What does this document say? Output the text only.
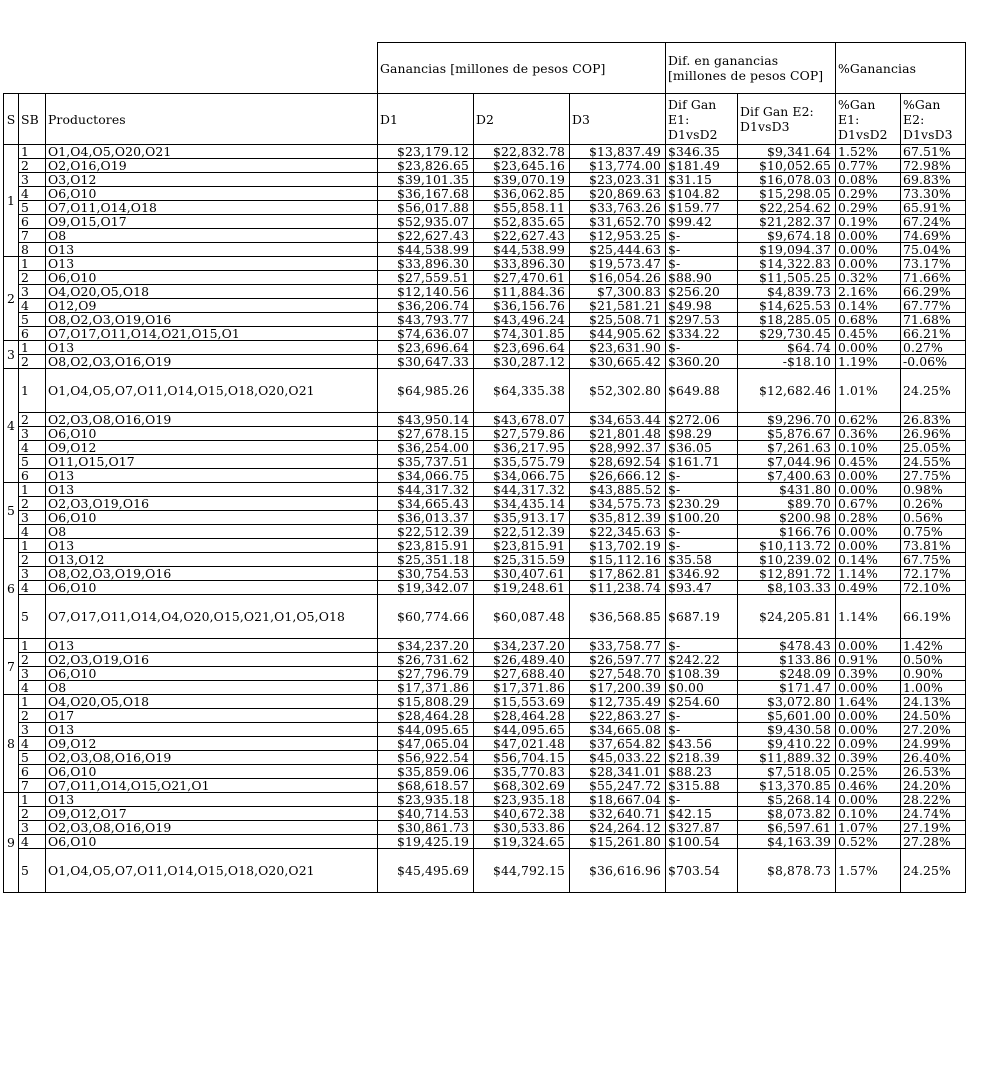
			Ganancias [millones de pesos COP]			Dif. en ganancias [millones de pesos COP]		%Ganancias	
S	SB	Productores	D1	D2	D3	Dif Gan E1: D1vsD2	Dif Gan E2: D1vsD3	%Gan E1: D1vsD2	%Gan E2: D1vsD3
1	1	O1,O4,O5,O20,O21	$23,179.12	$22,832.78	$13,837.49	$346.35	$9,341.64	1.52%	67.51%
	2	O2,O16,O19	$23,826.65	$23,645.16	$13,774.00	$181.49	$10,052.65	0.77%	72.98%
	3	O3,O12	$39,101.35	$39,070.19	$23,023.31	$31.15	$16,078.03	0.08%	69.83%
	4	O6,O10	$36,167.68	$36,062.85	$20,869.63	$104.82	$15,298.05	0.29%	73.30%
	5	O7,O11,O14,O18	$56,017.88	$55,858.11	$33,763.26	$159.77	$22,254.62	0.29%	65.91%
	6	O9,O15,O17	$52,935.07	$52,835.65	$31,652.70	$99.42	$21,282.37	0.19%	67.24%
	7	O8	$22,627.43	$22,627.43	$12,953.25	$-	$9,674.18	0.00%	74.69%
	8	O13	$44,538.99	$44,538.99	$25,444.63	$-	$19,094.37	0.00%	75.04%
2	1	O13	$33,896.30	$33,896.30	$19,573.47	$-	$14,322.83	0.00%	73.17%
	2	O6,O10	$27,559.51	$27,470.61	$16,054.26	$88.90	$11,505.25	0.32%	71.66%
	3	O4,O20,O5,O18	$12,140.56	$11,884.36	$7,300.83	$256.20	$4,839.73	2.16%	66.29%
	4	O12,O9	$36,206.74	$36,156.76	$21,581.21	$49.98	$14,625.53	0.14%	67.77%
	5	O8,O2,O3,O19,O16	$43,793.77	$43,496.24	$25,508.71	$297.53	$18,285.05	0.68%	71.68%
	6	O7,O17,O11,O14,O21,O15,O1	$74,636.07	$74,301.85	$44,905.62	$334.22	$29,730.45	0.45%	66.21%
3	1	O13	$23,696.64	$23,696.64	$23,631.90	$-	$64.74	0.00%	0.27%
	2	O8,O2,O3,O16,O19	$30,647.33	$30,287.12	$30,665.42	$360.20	-$18.10	1.19%	-0.06%
4	1	O1,O4,O5,O7,O11,O14,O15,O18,O20,O21	$64,985.26	$64,335.38	$52,302.80	$649.88	$12,682.46	1.01%	24.25%
	2	O2,O3,O8,O16,O19	$43,950.14	$43,678.07	$34,653.44	$272.06	$9,296.70	0.62%	26.83%
	3	O6,O10	$27,678.15	$27,579.86	$21,801.48	$98.29	$5,876.67	0.36%	26.96%
	4	O9,O12	$36,254.00	$36,217.95	$28,992.37	$36.05	$7,261.63	0.10%	25.05%
	5	O11,O15,O17	$35,737.51	$35,575.79	$28,692.54	$161.71	$7,044.96	0.45%	24.55%
	6	O13	$34,066.75	$34,066.75	$26,666.12	$-	$7,400.63	0.00%	27.75%
5	1	O13	$44,317.32	$44,317.32	$43,885.52	$-	$431.80	0.00%	0.98%
	2	O2,O3,O19,O16	$34,665.43	$34,435.14	$34,575.73	$230.29	$89.70	0.67%	0.26%
	3	O6,O10	$36,013.37	$35,913.17	$35,812.39	$100.20	$200.98	0.28%	0.56%
	4	O8	$22,512.39	$22,512.39	$22,345.63	$-	$166.76	0.00%	0.75%
6	1	O13	$23,815.91	$23,815.91	$13,702.19	$-	$10,113.72	0.00%	73.81%
	2	O13,O12	$25,351.18	$25,315.59	$15,112.16	$35.58	$10,239.02	0.14%	67.75%
	3	O8,O2,O3,O19,O16	$30,754.53	$30,407.61	$17,862.81	$346.92	$12,891.72	1.14%	72.17%
	4	O6,O10	$19,342.07	$19,248.61	$11,238.74	$93.47	$8,103.33	0.49%	72.10%
	5	O7,O17,O11,O14,O4,O20,O15,O21,O1,O5,O18	$60,774.66	$60,087.48	$36,568.85	$687.19	$24,205.81	1.14%	66.19%
7	1	O13	$34,237.20	$34,237.20	$33,758.77	$-	$478.43	0.00%	1.42%
	2	O2,O3,O19,O16	$26,731.62	$26,489.40	$26,597.77	$242.22	$133.86	0.91%	0.50%
	3	O6,O10	$27,796.79	$27,688.40	$27,548.70	$108.39	$248.09	0.39%	0.90%
	4	O8	$17,371.86	$17,371.86	$17,200.39	$0.00	$171.47	0.00%	1.00%
8	1	O4,O20,O5,O18	$15,808.29	$15,553.69	$12,735.49	$254.60	$3,072.80	1.64%	24.13%
	2	O17	$28,464.28	$28,464.28	$22,863.27	$-	$5,601.00	0.00%	24.50%
	3	O13	$44,095.65	$44,095.65	$34,665.08	$-	$9,430.58	0.00%	27.20%
	4	O9,O12	$47,065.04	$47,021.48	$37,654.82	$43.56	$9,410.22	0.09%	24.99%
	5	O2,O3,O8,O16,O19	$56,922.54	$56,704.15	$45,033.22	$218.39	$11,889.32	0.39%	26.40%
	6	O6,O10	$35,859.06	$35,770.83	$28,341.01	$88.23	$7,518.05	0.25%	26.53%
	7	O7,O11,O14,O15,O21,O1	$68,618.57	$68,302.69	$55,247.72	$315.88	$13,370.85	0.46%	24.20%
9	1	O13	$23,935.18	$23,935.18	$18,667.04	$-	$5,268.14	0.00%	28.22%
	2	O9,O12,O17	$40,714.53	$40,672.38	$32,640.71	$42.15	$8,073.82	0.10%	24.74%
	3	O2,O3,O8,O16,O19	$30,861.73	$30,533.86	$24,264.12	$327.87	$6,597.61	1.07%	27.19%
	4	O6,O10	$19,425.19	$19,324.65	$15,261.80	$100.54	$4,163.39	0.52%	27.28%
	5	O1,O4,O5,O7,O11,O14,O15,O18,O20,O21	$45,495.69	$44,792.15	$36,616.96	$703.54	$8,878.73	1.57%	24.25%
